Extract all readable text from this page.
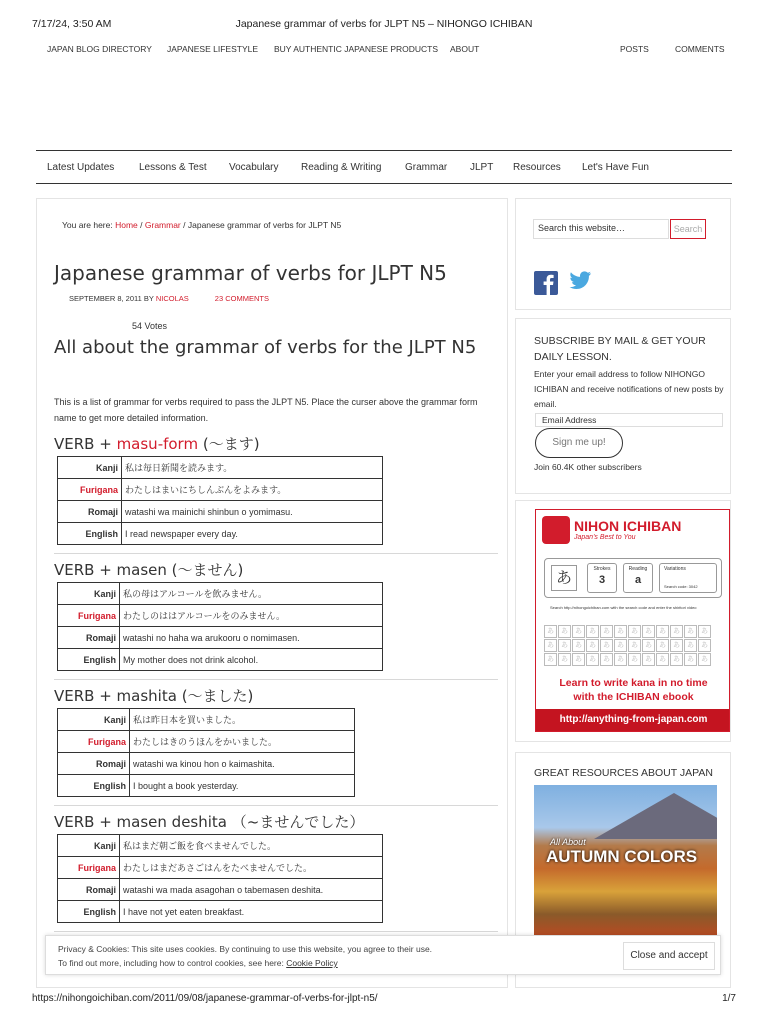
7/17/24, 3:50 AM	Japanese grammar of verbs for JLPT N5 – NIHONGO ICHIBAN
JAPAN BLOG DIRECTORY JAPANESE LIFESTYLE BUY AUTHENTIC JAPANESE PRODUCTS ABOUT	POSTS	COMMENTS
Latest Updates Lessons & Test Vocabulary Reading & Writing Grammar JLPT Resources Let's Have Fun
You are here: Home / Grammar / Japanese grammar of verbs for JLPT N5
Japanese grammar of verbs for JLPT N5
SEPTEMBER 8, 2011 BY NICOLAS	23 COMMENTS
54 Votes
All about the grammar of verbs for the JLPT N5

This is a list of grammar for verbs required to pass the JLPT N5. Place the curser above the grammar form name to get more detailed information.

VERB + masu-form (～ます)
Kanji	私は毎日新聞を読みます。
Furigana	わたしはまいにちしんぶんをよみます。
Romaji	watashi wa mainichi shinbun o yomimasu.
English	I read newspaper every day.
VERB + masen (～ません)
Kanji	私の母はアルコールを飲みません。
Furigana	わたしのははアルコールをのみません。
Romaji	watashi no haha wa arukooru o nomimasen.
English	My mother does not drink alcohol.
VERB + mashita (～ました)
Kanji	私は昨日本を買いました。
Furigana	わたしはきのうほんをかいました。
Romaji	watashi wa kinou hon o kaimashita.
English	I bought a book yesterday.
VERB + masen deshita （~ませんでした）
Kanji	私はまだ朝ご飯を食べませんでした。
Furigana	わたしはまだあさごはんをたべませんでした。
Romaji	watashi wa mada asagohan o tabemasen deshita.
English	I have not yet eaten breakfast.
Search this website…	Search
SUBSCRIBE BY MAIL & GET YOUR DAILY LESSON.
Enter your email address to follow NIHONGO ICHIBAN and receive notifications of new posts by email.
Email Address
Sign me up!
Join 60.4K other subscribers
NIHON ICHIBAN
Japan's Best to You
あ	Strokes
3
Reading
a
Variations
Search code: 3042
Search http://nihongoichiban.com with the search code and enter the shiritori video
あ	あ	あ	あ	あ	あ	あ	あ	あ	あ	あ	あ
あ	あ	あ	あ	あ	あ	あ	あ	あ	あ	あ	あ
あ	あ	あ	あ	あ	あ	あ	あ	あ	あ	あ	あ
Learn to write kana in no time
with the ICHIBAN ebook
http://anything-from-japan.com
GREAT RESOURCES ABOUT JAPAN
All About
AUTUMN COLORS
Privacy & Cookies: This site uses cookies. By continuing to use this website, you agree to their use.
To find out more, including how to control cookies, see here: Cookie Policy
Close and accept
https://nihongoichiban.com/2011/09/08/japanese-grammar-of-verbs-for-jlpt-n5/	1/7
